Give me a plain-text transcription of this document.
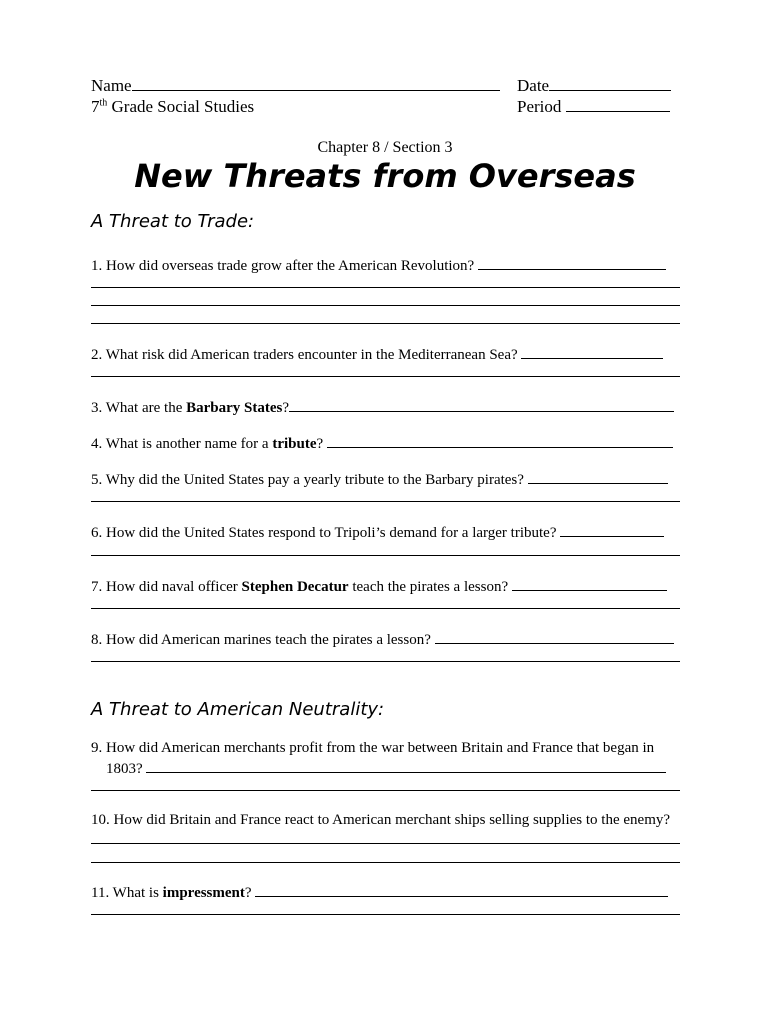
Name	Date
7th Grade Social Studies	Period
Chapter 8 / Section 3
New Threats from Overseas
A Threat to Trade:
1. How did overseas trade grow after the American Revolution?
2. What risk did American traders encounter in the Mediterranean Sea?
3. What are the Barbary States?
4. What is another name for a tribute?
5. Why did the United States pay a yearly tribute to the Barbary pirates?
6. How did the United States respond to Tripoli’s demand for a larger tribute?
7. How did naval officer Stephen Decatur teach the pirates a lesson?
8. How did American marines teach the pirates a lesson?
A Threat to American Neutrality:
9. How did American merchants profit from the war between Britain and France that began in
1803?
10. How did Britain and France react to American merchant ships selling supplies to the enemy?
11. What is impressment?
